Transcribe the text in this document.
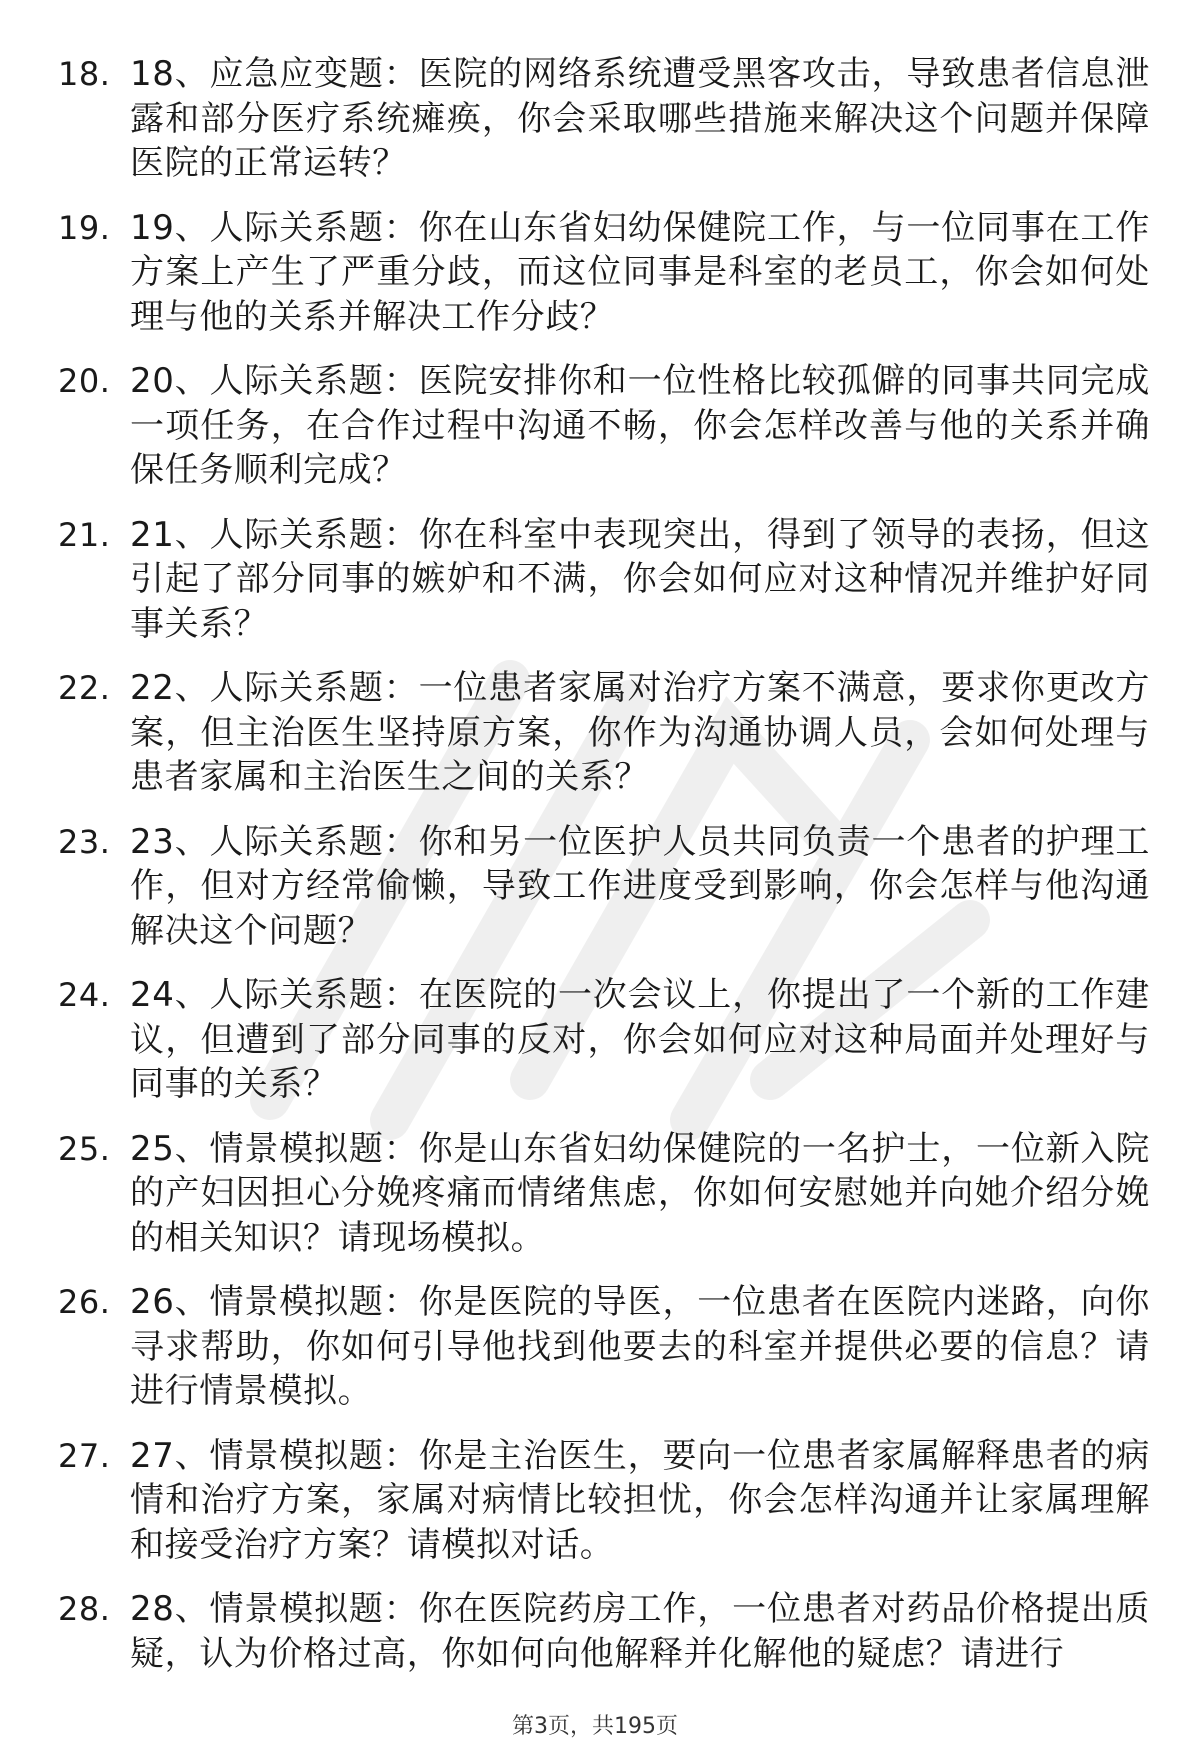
18. 18、应急应变题：医院的网络系统遭受黑客攻击，导致患者信息泄露和部分医疗系统瘫痪，你会采取哪些措施来解决这个问题并保障医院的正常运转？
19. 19、人际关系题：你在山东省妇幼保健院工作，与一位同事在工作方案上产生了严重分歧，而这位同事是科室的老员工，你会如何处理与他的关系并解决工作分歧？
20. 20、人际关系题：医院安排你和一位性格比较孤僻的同事共同完成一项任务，在合作过程中沟通不畅，你会怎样改善与他的关系并确保任务顺利完成？
21. 21、人际关系题：你在科室中表现突出，得到了领导的表扬，但这引起了部分同事的嫉妒和不满，你会如何应对这种情况并维护好同事关系？
22. 22、人际关系题：一位患者家属对治疗方案不满意，要求你更改方案，但主治医生坚持原方案，你作为沟通协调人员，会如何处理与患者家属和主治医生之间的关系？
23. 23、人际关系题：你和另一位医护人员共同负责一个患者的护理工作，但对方经常偷懒，导致工作进度受到影响，你会怎样与他沟通解决这个问题？
24. 24、人际关系题：在医院的一次会议上，你提出了一个新的工作建议，但遭到了部分同事的反对，你会如何应对这种局面并处理好与同事的关系？
25. 25、情景模拟题：你是山东省妇幼保健院的一名护士，一位新入院的产妇因担心分娩疼痛而情绪焦虑，你如何安慰她并向她介绍分娩的相关知识？请现场模拟。
26. 26、情景模拟题：你是医院的导医，一位患者在医院内迷路，向你寻求帮助，你如何引导他找到他要去的科室并提供必要的信息？请进行情景模拟。
27. 27、情景模拟题：你是主治医生，要向一位患者家属解释患者的病情和治疗方案，家属对病情比较担忧，你会怎样沟通并让家属理解和接受治疗方案？请模拟对话。
28. 28、情景模拟题：你在医院药房工作，一位患者对药品价格提出质疑，认为价格过高，你如何向他解释并化解他的疑虑？请进行
第3页，共195页
